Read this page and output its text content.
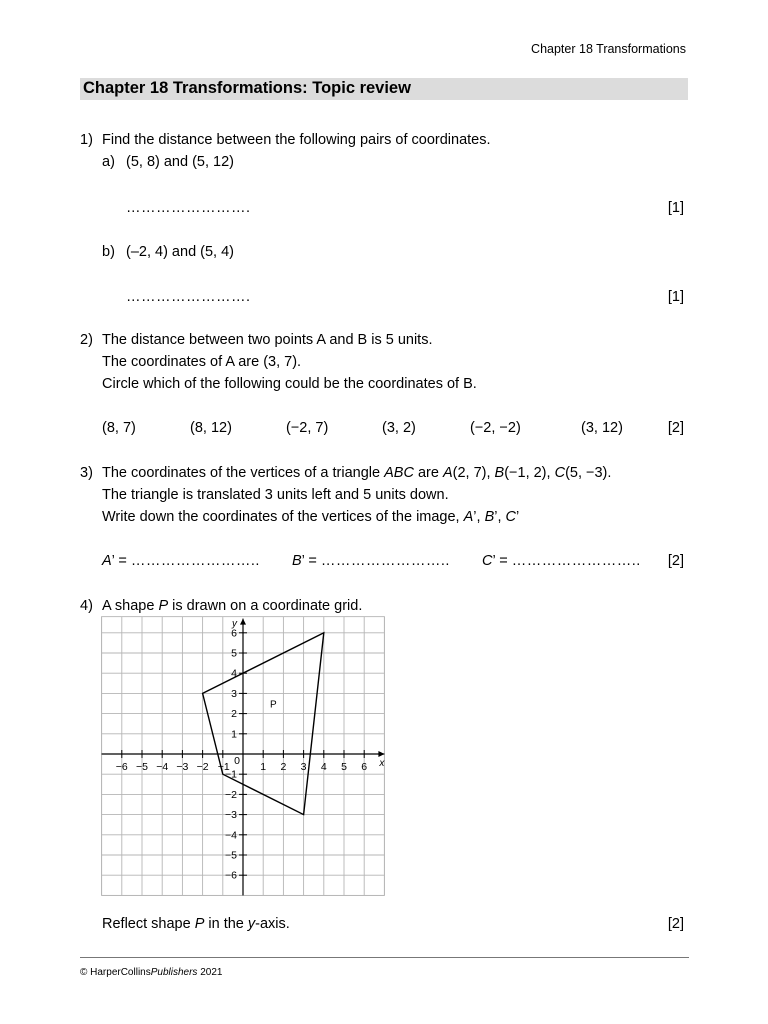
Chapter 18 Transformations
Chapter 18 Transformations: Topic review
1) Find the distance between the following pairs of coordinates.
a) (5, 8) and (5, 12)
…………………….	[1]
b) (–2, 4) and (5, 4)
…………………….	[1]
2) The distance between two points A and B is 5 units.
The coordinates of A are (3, 7).
Circle which of the following could be the coordinates of B.
(8, 7)	(8, 12)	(−2, 7)	(3, 2)	(−2, −2)	(3, 12)	[2]
3) The coordinates of the vertices of a triangle ABC are A(2, 7), B(−1, 2), C(5, −3).
The triangle is translated 3 units left and 5 units down.
Write down the coordinates of the vertices of the image, A’, B’, C’
A’ = …………………….. B’ = …………………….. C’ = …………………….. [2]
4) A shape P is drawn on a coordinate grid.
x
y
−6 −5 −4 −3 −2 −1 0 1 2 3 4 5 6
6
5
4
3
2
1
−1
−2
−3
−4
−5
−6
P
Reflect shape P in the y-axis.	[2]
© HarperCollinsPublishers 2021
